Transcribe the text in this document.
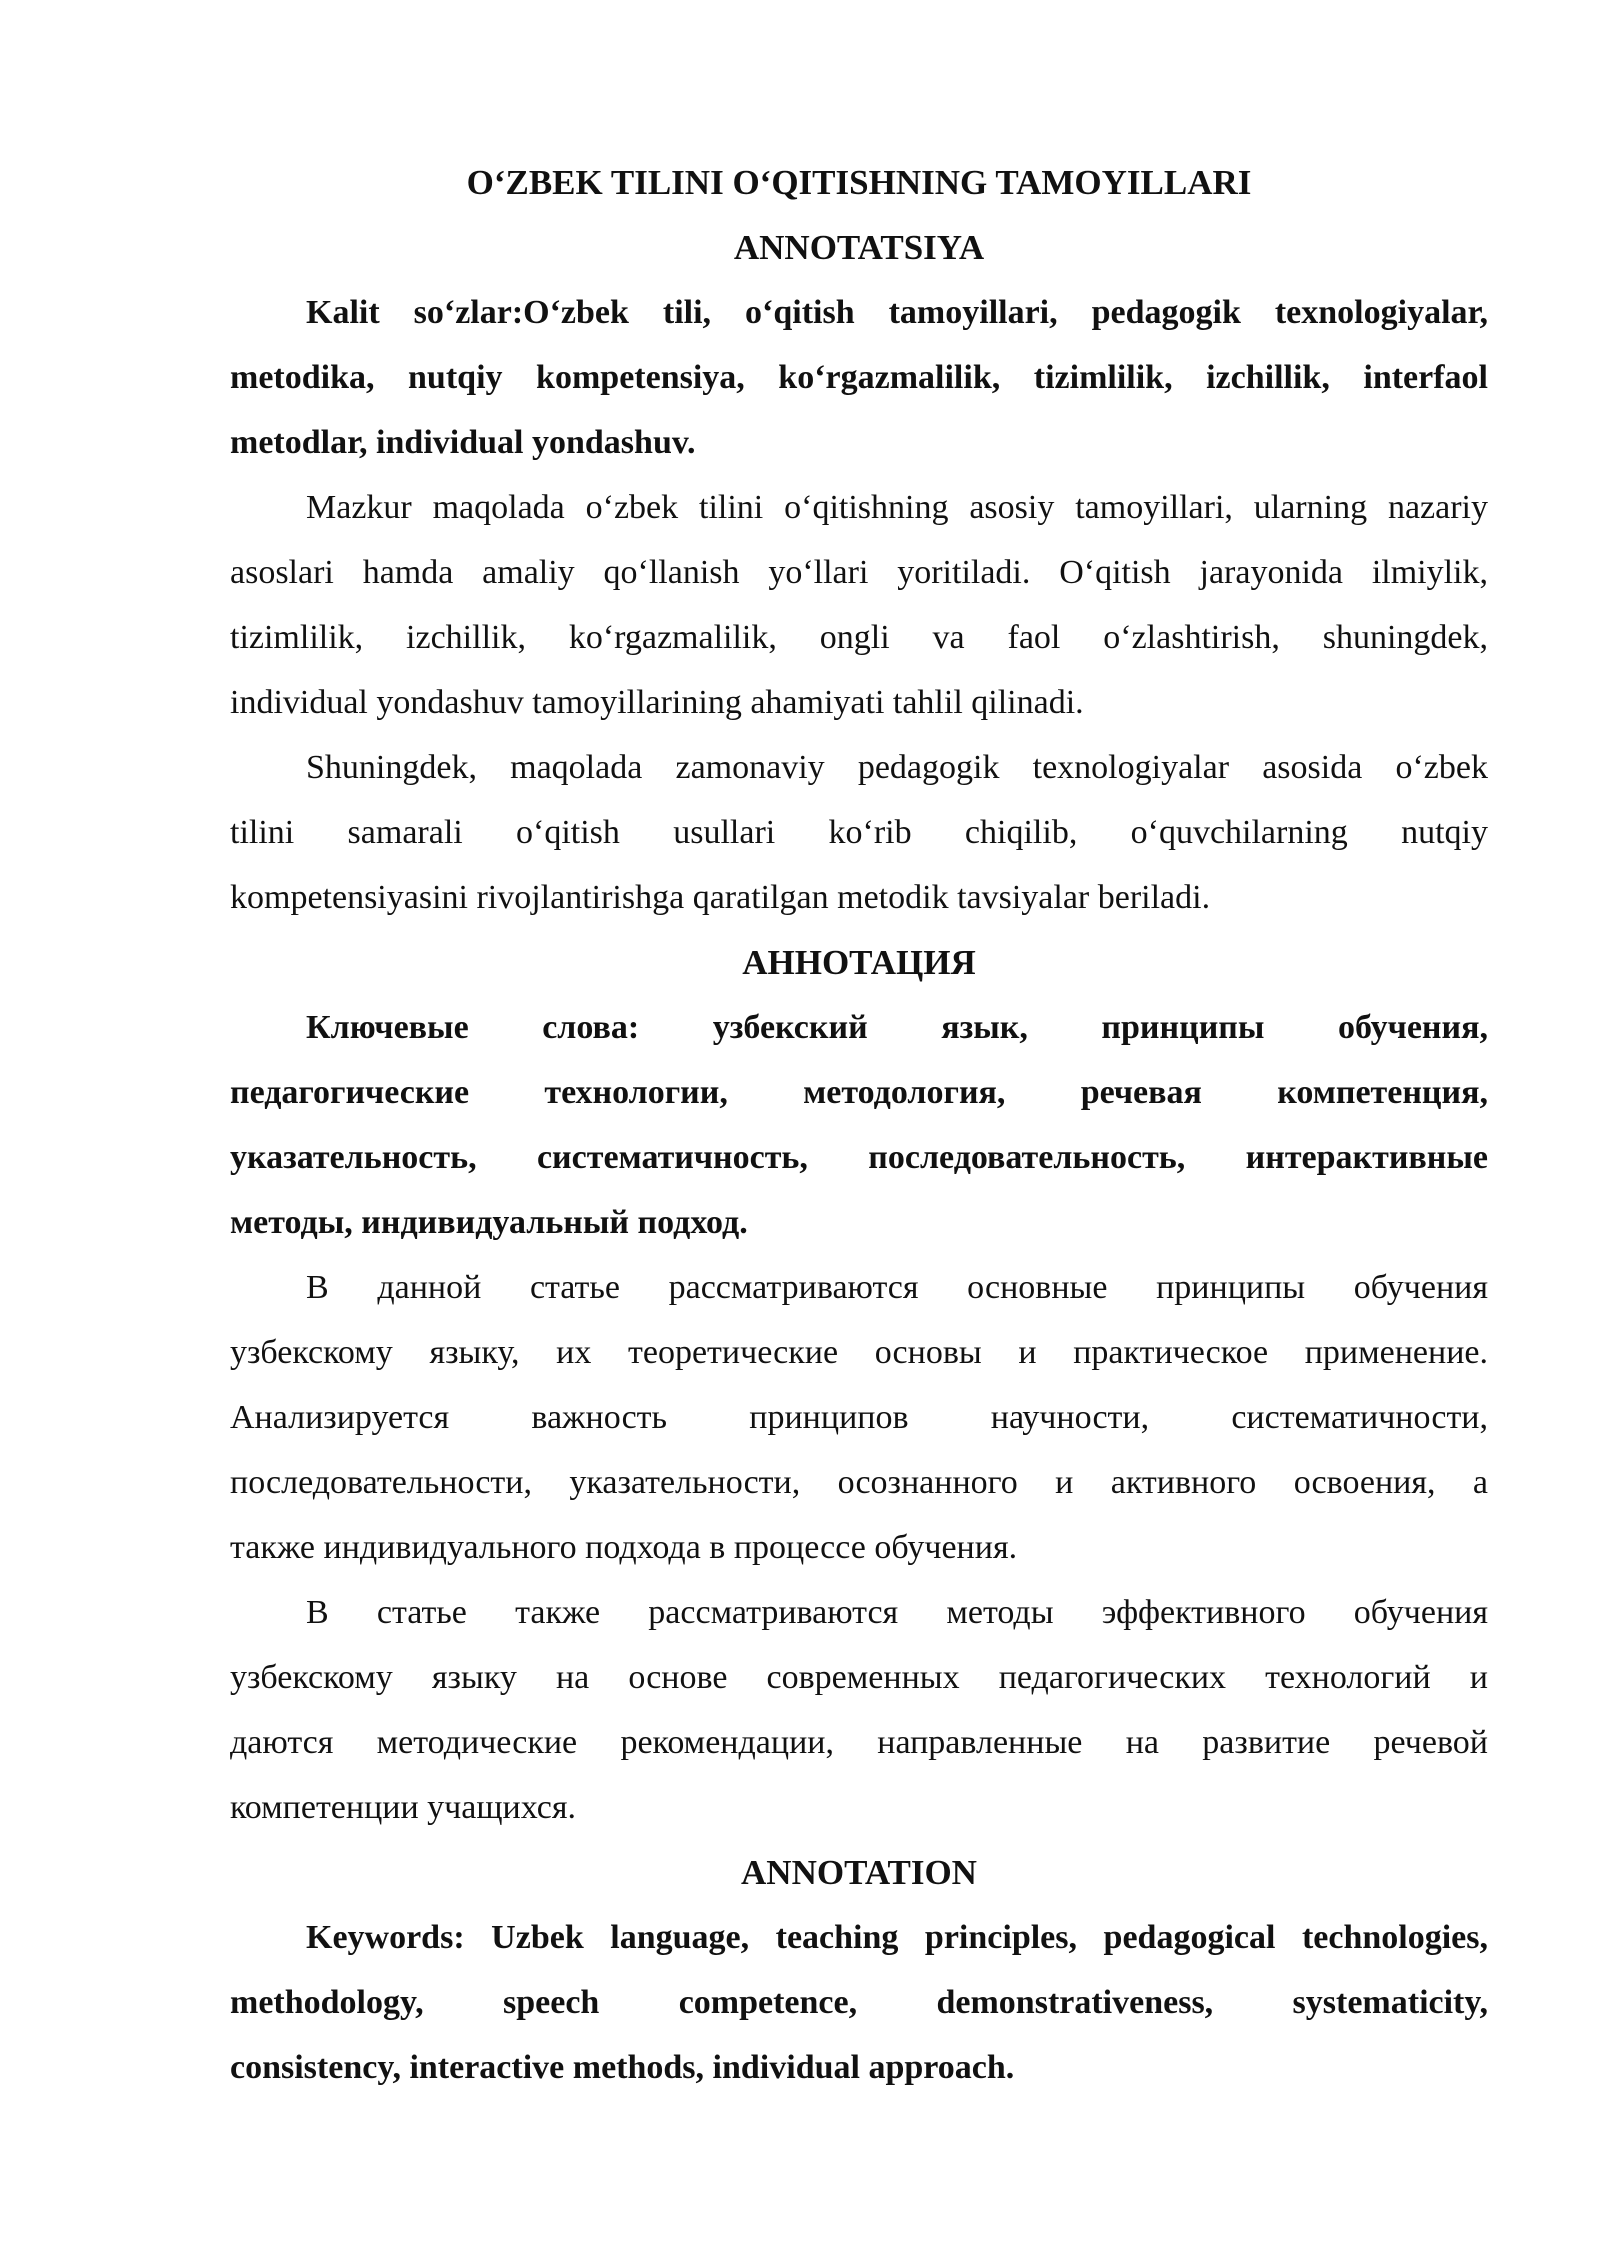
O‘ZBEK TILINI O‘QITISHNING TAMOYILLARI
ANNOTATSIYA
Kalit so‘zlar:O‘zbek tili, o‘qitish tamoyillari, pedagogik texnologiyalar,
metodika, nutqiy kompetensiya, ko‘rgazmalilik, tizimlilik, izchillik, interfaol
metodlar, individual yondashuv.
Mazkur maqolada o‘zbek tilini o‘qitishning asosiy tamoyillari, ularning nazariy
asoslari hamda amaliy qo‘llanish yo‘llari yoritiladi. O‘qitish jarayonida ilmiylik,
tizimlilik, izchillik, ko‘rgazmalilik, ongli va faol o‘zlashtirish, shuningdek,
individual yondashuv tamoyillarining ahamiyati tahlil qilinadi.
Shuningdek, maqolada zamonaviy pedagogik texnologiyalar asosida o‘zbek
tilini samarali o‘qitish usullari ko‘rib chiqilib, o‘quvchilarning nutqiy
kompetensiyasini rivojlantirishga qaratilgan metodik tavsiyalar beriladi.
АННОТАЦИЯ
Ключевые слова: узбекский язык, принципы обучения,
педагогические технологии, методология, речевая компетенция,
указательность, систематичность, последовательность, интерактивные
методы, индивидуальный подход.
В данной статье рассматриваются основные принципы обучения
узбекскому языку, их теоретические основы и практическое применение.
Анализируется важность принципов научности, систематичности,
последовательности, указательности, осознанного и активного освоения, а
также индивидуального подхода в процессе обучения.
В статье также рассматриваются методы эффективного обучения
узбекскому языку на основе современных педагогических технологий и
даются методические рекомендации, направленные на развитие речевой
компетенции учащихся.
ANNOTATION
Keywords: Uzbek language, teaching principles, pedagogical technologies,
methodology, speech competence, demonstrativeness, systematicity,
consistency, interactive methods, individual approach.
